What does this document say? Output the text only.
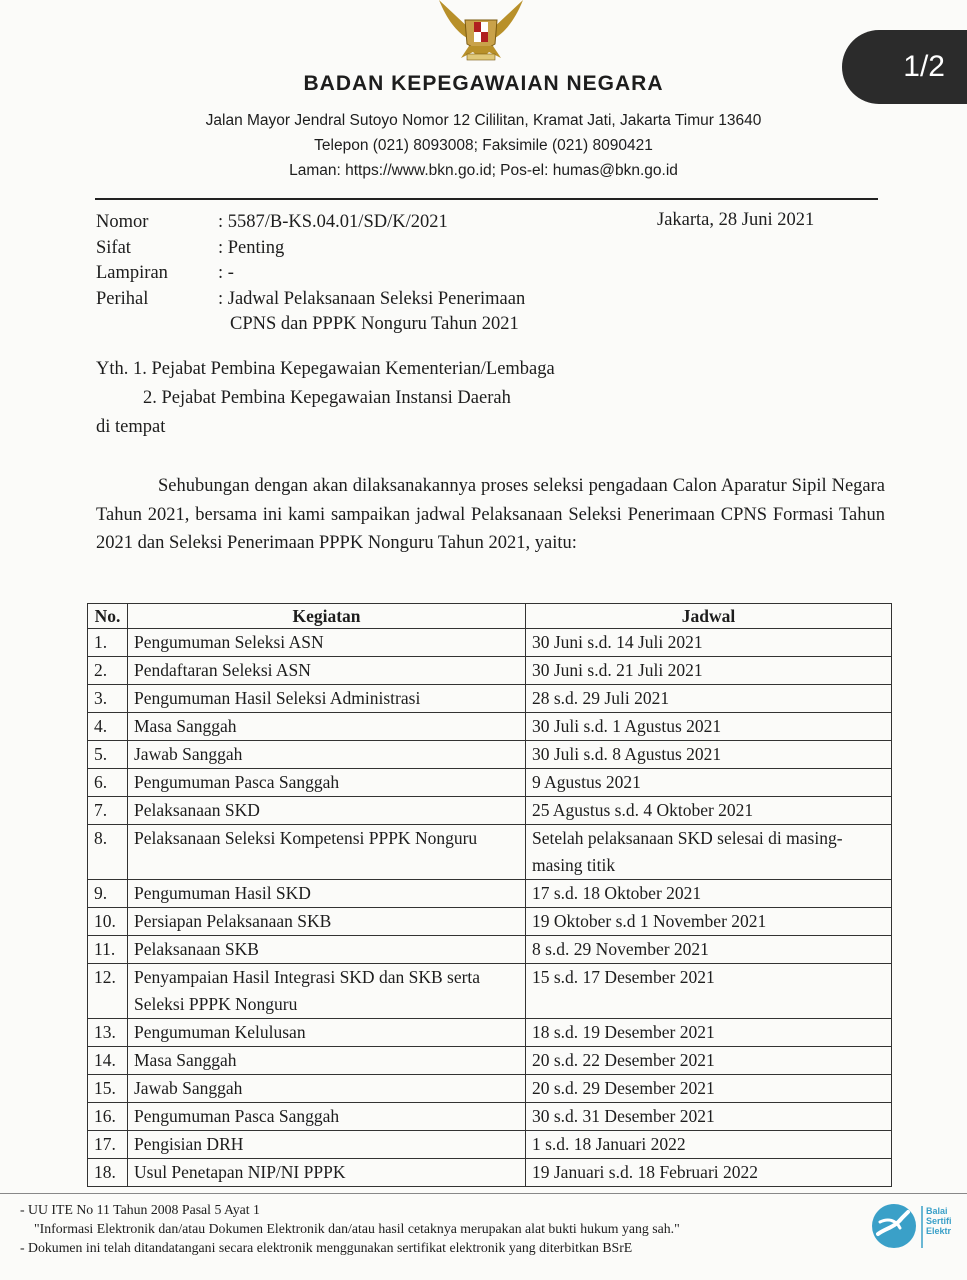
1/2
BADAN KEPEGAWAIAN NEGARA
Jalan Mayor Jendral Sutoyo Nomor 12 Cililitan, Kramat Jati, Jakarta Timur 13640
Telepon (021) 8093008; Faksimile (021) 8090421
Laman: https://www.bkn.go.id; Pos-el: humas@bkn.go.id
Nomor	: 5587/B-KS.04.01/SD/K/2021
Sifat	: Penting
Lampiran	: -
Perihal	: Jadwal Pelaksanaan Seleksi Penerimaan
CPNS dan PPPK Nonguru Tahun 2021
Jakarta, 28 Juni 2021
Yth. 1. Pejabat Pembina Kepegawaian Kementerian/Lembaga
2. Pejabat Pembina Kepegawaian Instansi Daerah
di tempat
Sehubungan dengan akan dilaksanakannya proses seleksi pengadaan Calon Aparatur Sipil Negara Tahun 2021, bersama ini kami sampaikan jadwal Pelaksanaan Seleksi Penerimaan CPNS Formasi Tahun 2021 dan Seleksi Penerimaan PPPK Nonguru Tahun 2021, yaitu:
No.	Kegiatan	Jadwal
1.	Pengumuman Seleksi ASN	30 Juni s.d. 14 Juli 2021
2.	Pendaftaran Seleksi ASN	30 Juni s.d. 21 Juli 2021
3.	Pengumuman Hasil Seleksi Administrasi	28 s.d. 29 Juli 2021
4.	Masa Sanggah	30 Juli s.d. 1 Agustus 2021
5.	Jawab Sanggah	30 Juli s.d. 8 Agustus 2021
6.	Pengumuman Pasca Sanggah	9 Agustus 2021
7.	Pelaksanaan SKD	25 Agustus s.d. 4 Oktober 2021
8.	Pelaksanaan Seleksi Kompetensi PPPK Nonguru	Setelah pelaksanaan SKD selesai di masing-masing titik
9.	Pengumuman Hasil SKD	17 s.d. 18 Oktober 2021
10.	Persiapan Pelaksanaan SKB	19 Oktober s.d 1 November 2021
11.	Pelaksanaan SKB	8 s.d. 29 November 2021
12.	Penyampaian Hasil Integrasi SKD dan SKB serta Seleksi PPPK Nonguru	15 s.d. 17 Desember 2021
13.	Pengumuman Kelulusan	18 s.d. 19 Desember 2021
14.	Masa Sanggah	20 s.d. 22 Desember 2021
15.	Jawab Sanggah	20 s.d. 29 Desember 2021
16.	Pengumuman Pasca Sanggah	30 s.d. 31 Desember 2021
17.	Pengisian DRH	1 s.d. 18 Januari 2022
18.	Usul Penetapan NIP/NI PPPK	19 Januari s.d. 18 Februari 2022
- UU ITE No 11 Tahun 2008 Pasal 5 Ayat 1
"Informasi Elektronik dan/atau Dokumen Elektronik dan/atau hasil cetaknya merupakan alat bukti hukum yang sah."
- Dokumen ini telah ditandatangani secara elektronik menggunakan sertifikat elektronik yang diterbitkan BSrE
Balai
Sertifi
Elektr
